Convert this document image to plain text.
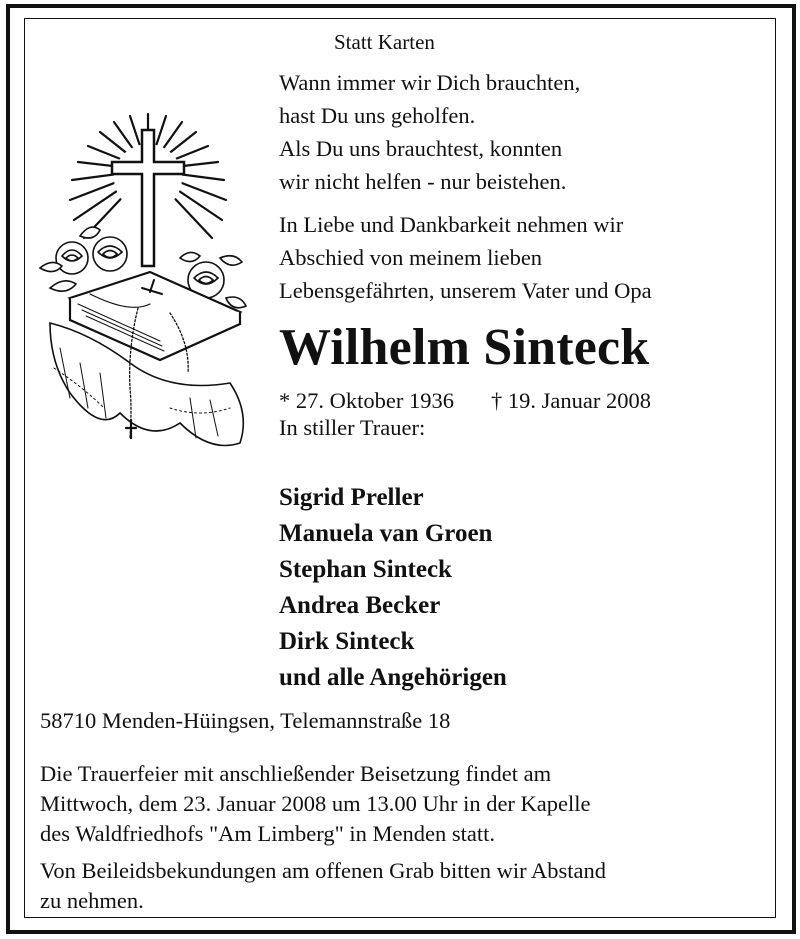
Statt Karten
Wann immer wir Dich brauchten,
hast Du uns geholfen.
Als Du uns brauchtest, konnten
wir nicht helfen - nur beistehen.
In Liebe und Dankbarkeit nehmen wir
Abschied von meinem lieben
Lebensgefährten, unserem Vater und Opa
Wilhelm Sinteck
* 27. Oktober 1936 † 19. Januar 2008
In stiller Trauer:
Sigrid Preller
Manuela van Groen
Stephan Sinteck
Andrea Becker
Dirk Sinteck
und alle Angehörigen
58710 Menden-Hüingsen, Telemannstraße 18
Die Trauerfeier mit anschließender Beisetzung findet am
Mittwoch, dem 23. Januar 2008 um 13.00 Uhr in der Kapelle
des Waldfriedhofs "Am Limberg" in Menden statt.
Von Beileidsbekundungen am offenen Grab bitten wir Abstand
zu nehmen.
